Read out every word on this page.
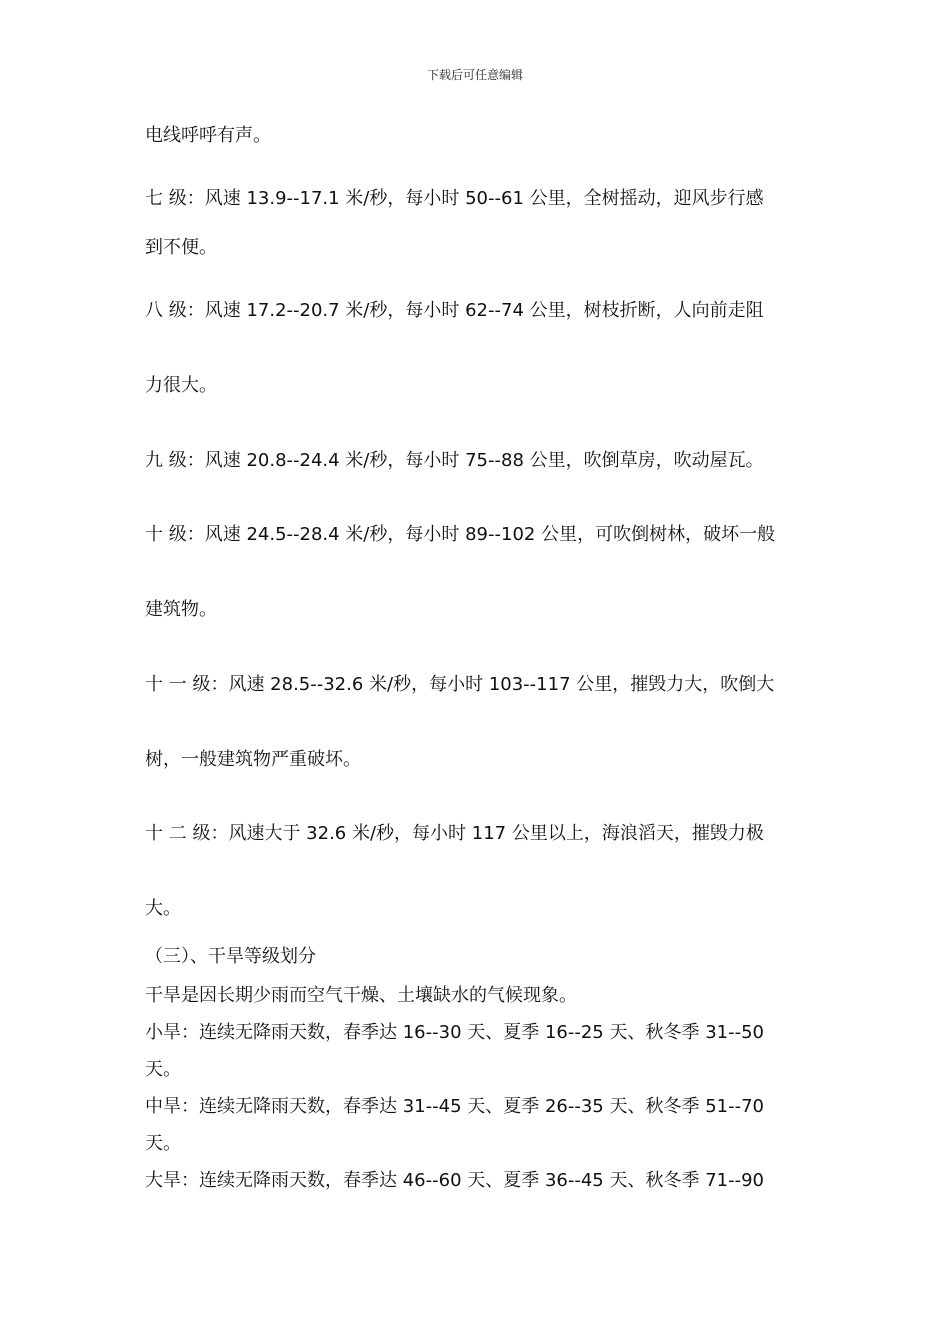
下载后可任意编辑
电线呼呼有声。
七 级：风速 13.9--17.1 米/秒，每小时 50--61 公里，全树摇动，迎风步行感
到不便。
八 级：风速 17.2--20.7 米/秒，每小时 62--74 公里，树枝折断，人向前走阻
力很大。
九 级：风速 20.8--24.4 米/秒，每小时 75--88 公里，吹倒草房，吹动屋瓦。
十 级：风速 24.5--28.4 米/秒，每小时 89--102 公里，可吹倒树林，破坏一般
建筑物。
十 一 级：风速 28.5--32.6 米/秒，每小时 103--117 公里，摧毁力大，吹倒大
树，一般建筑物严重破坏。
十 二 级：风速大于 32.6 米/秒，每小时 117 公里以上，海浪滔天，摧毁力极
大。
（三）、干旱等级划分
干旱是因长期少雨而空气干燥、土壤缺水的气候现象。
小旱：连续无降雨天数，春季达 16--30 天、夏季 16--25 天、秋冬季 31--50
天。
中旱：连续无降雨天数，春季达 31--45 天、夏季 26--35 天、秋冬季 51--70
天。
大旱：连续无降雨天数，春季达 46--60 天、夏季 36--45 天、秋冬季 71--90
